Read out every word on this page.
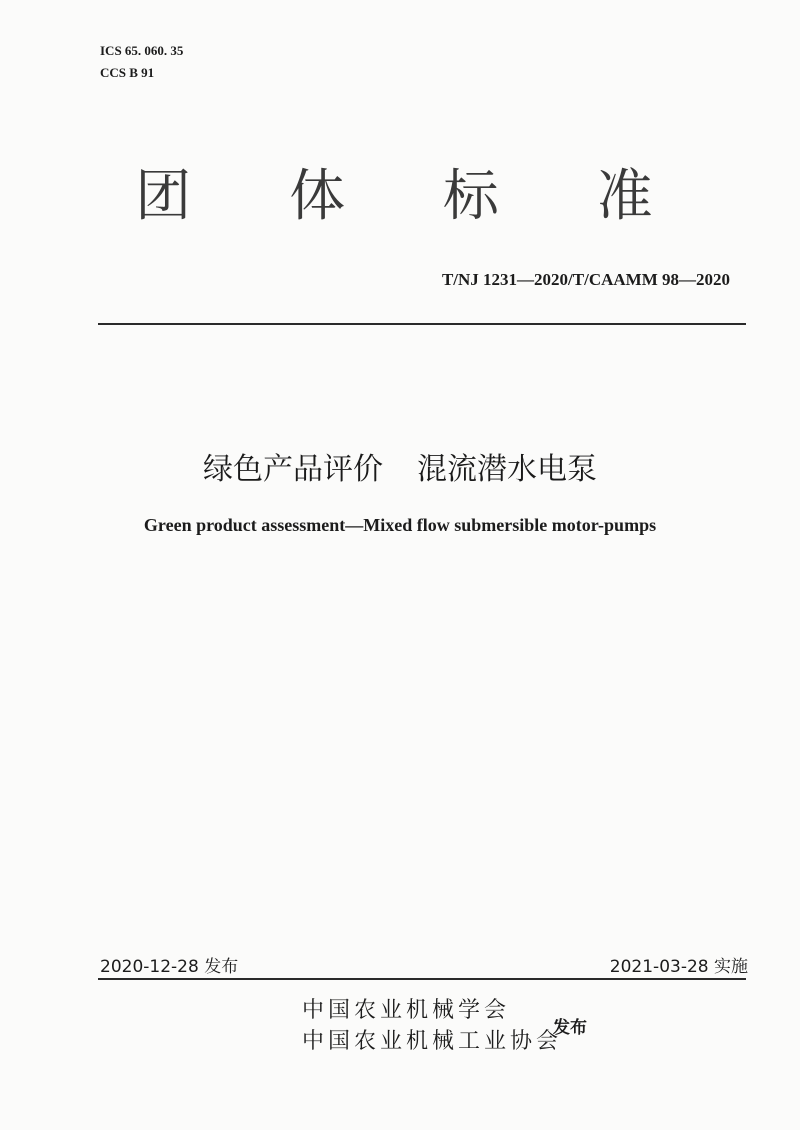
ICS 65. 060. 35
CCS B 91
团 体 标 准
T/NJ 1231—2020/T/CAAMM 98—2020
绿色产品评价 混流潜水电泵
Green product assessment—Mixed flow submersible motor-pumps
2020-12-28 发布	2021-03-28 实施
中国农业机械学会
中国农业机械工业协会
发布
